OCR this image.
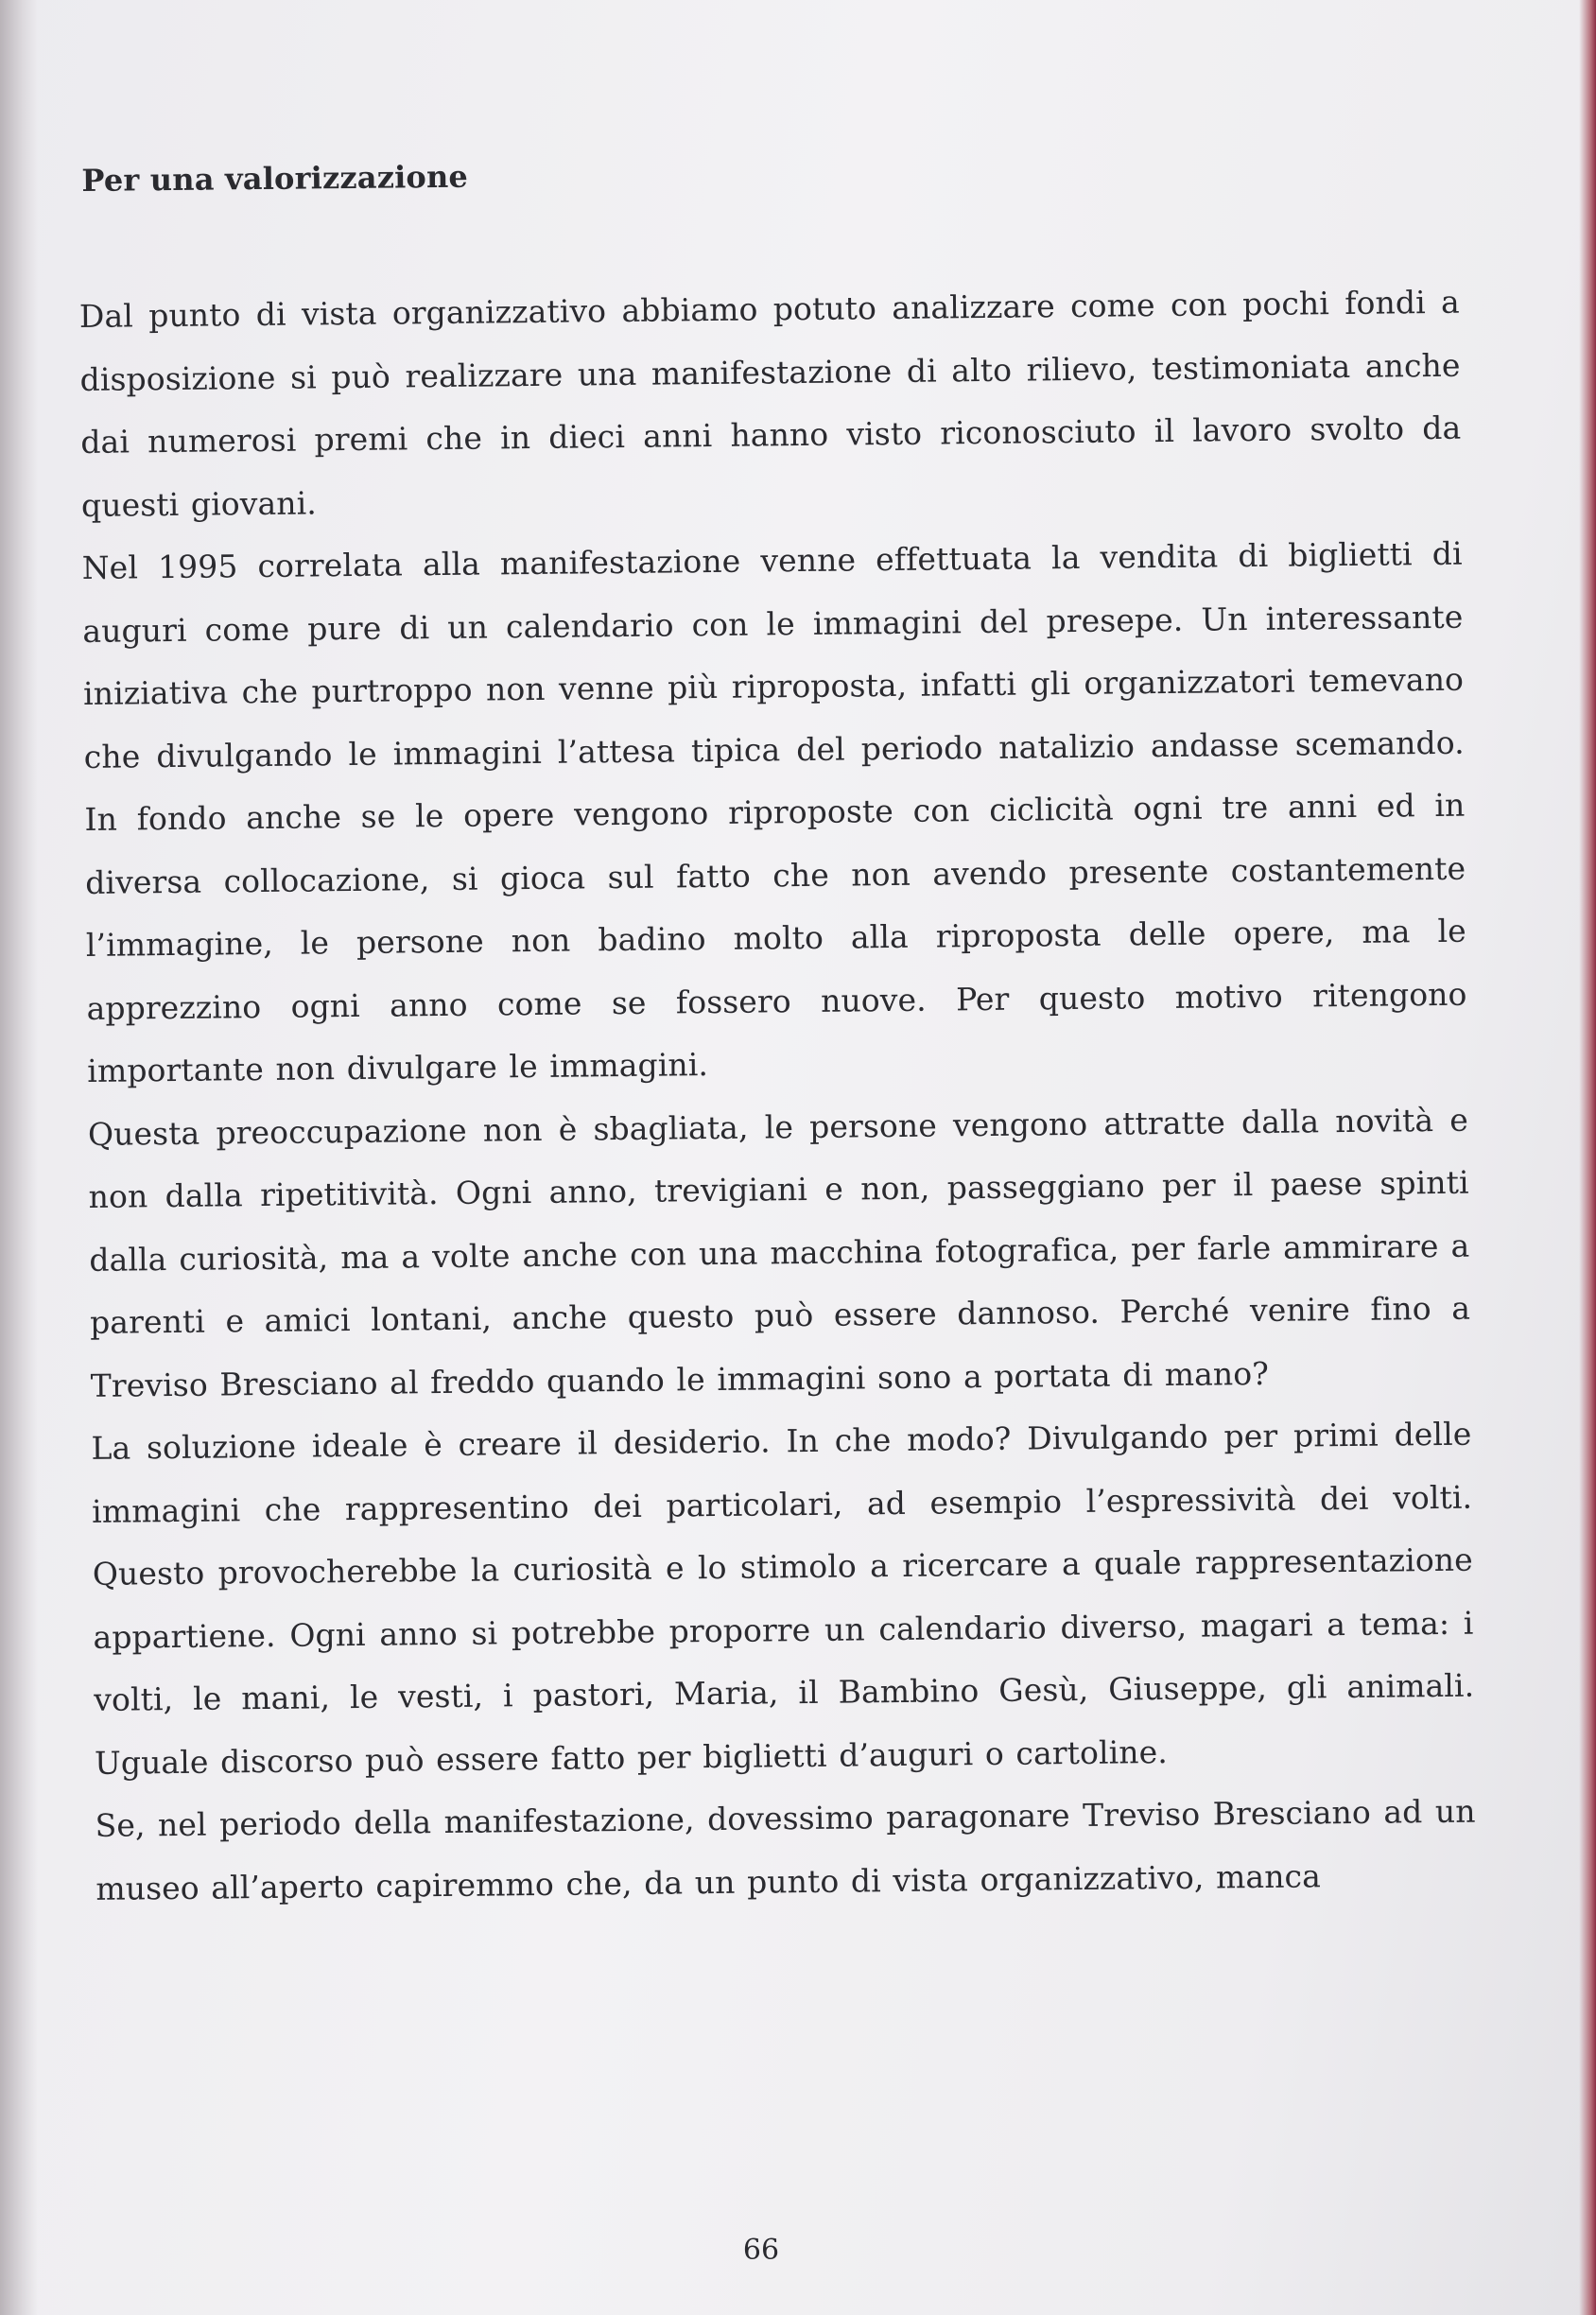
Per una valorizzazione

Dal punto di vista organizzativo abbiamo potuto analizzare come con pochi fondi a disposizione si può realizzare una manifestazione di alto rilievo, testimoniata anche dai numerosi premi che in dieci anni hanno visto riconosciuto il lavoro svolto da questi giovani.

Nel 1995 correlata alla manifestazione venne effettuata la vendita di biglietti di auguri come pure di un calendario con le immagini del presepe. Un interessante iniziativa che purtroppo non venne più riproposta, infatti gli organizzatori temevano che divulgando le immagini l’attesa tipica del periodo natalizio andasse scemando. In fondo anche se le opere vengono riproposte con ciclicità ogni tre anni ed in diversa collocazione, si gioca sul fatto che non avendo presente costantemente l’immagine, le persone non badino molto alla riproposta delle opere, ma le apprezzino ogni anno come se fossero nuove. Per questo motivo ritengono importante non divulgare le immagini.

Questa preoccupazione non è sbagliata, le persone vengono attratte dalla novità e non dalla ripetitività. Ogni anno, trevigiani e non, passeggiano per il paese spinti dalla curiosità, ma a volte anche con una macchina fotografica, per farle ammirare a parenti e amici lontani, anche questo può essere dannoso. Perché venire fino a Treviso Bresciano al freddo quando le immagini sono a portata di mano?

La soluzione ideale è creare il desiderio. In che modo? Divulgando per primi delle immagini che rappresentino dei particolari, ad esempio l’espressività dei volti. Questo provocherebbe la curiosità e lo stimolo a ricercare a quale rappresentazione appartiene. Ogni anno si potrebbe proporre un calendario diverso, magari a tema: i volti, le mani, le vesti, i pastori, Maria, il Bambino Gesù, Giuseppe, gli animali. Uguale discorso può essere fatto per biglietti d’auguri o cartoline.

Se, nel periodo della manifestazione, dovessimo paragonare Treviso Bresciano ad un museo all’aperto capiremmo che, da un punto di vista organizzativo, manca

66
